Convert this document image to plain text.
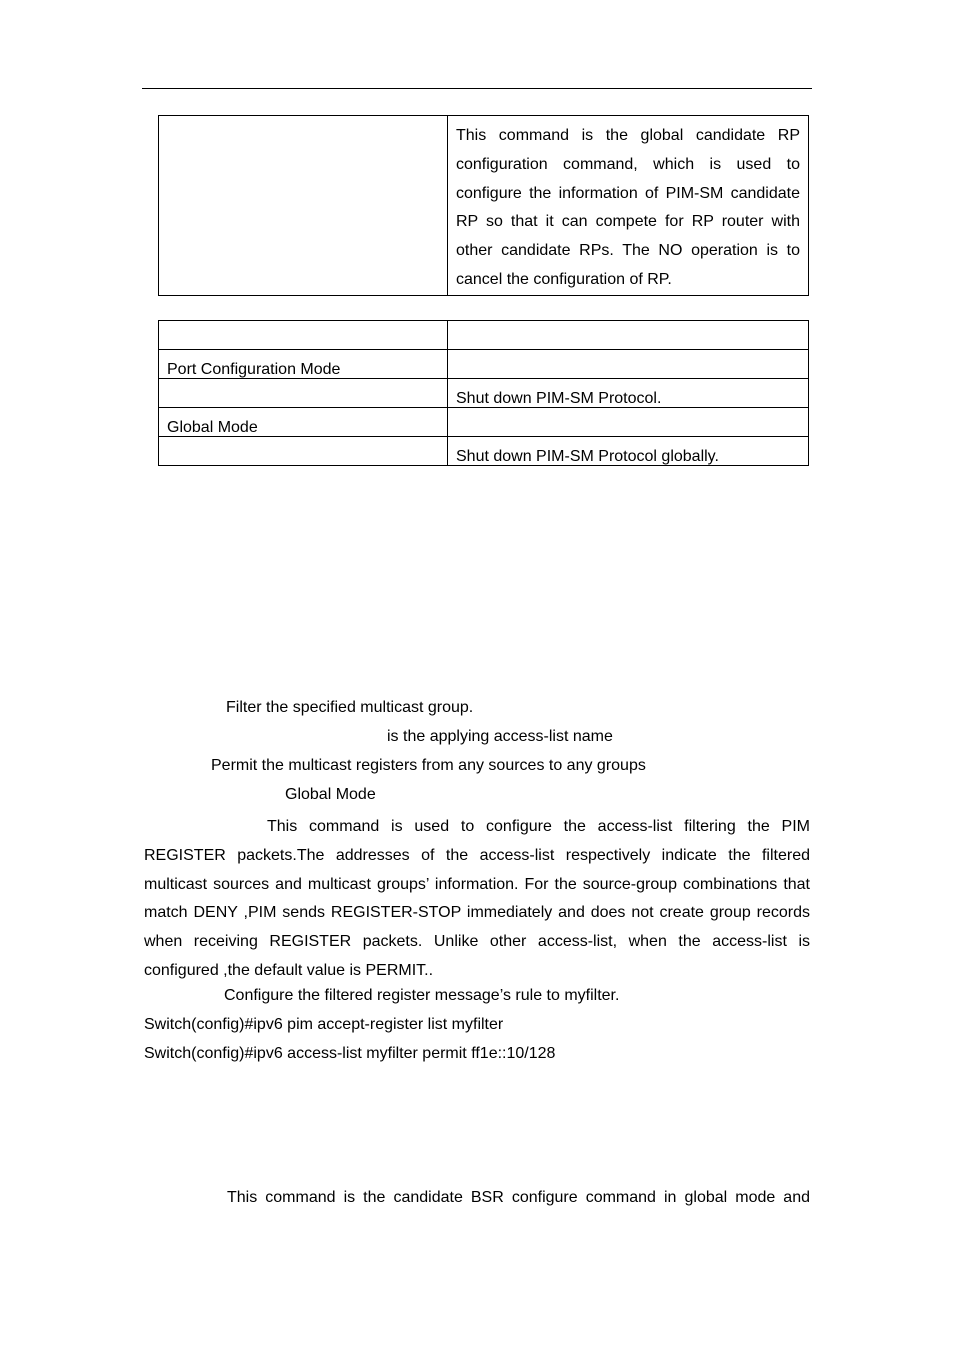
	This command is the global candidate RP configuration command, which is used to configure the information of PIM-SM candidate RP so that it can compete for RP router with other candidate RPs. The NO operation is to cancel the configuration of RP.

Port Configuration Mode	

	Shut down PIM-SM Protocol.

Global Mode	

	Shut down PIM-SM Protocol globally.
Filter the specified multicast group.
is the applying access-list name
Permit the multicast registers from any sources to any groups
Global Mode
This command is used to configure the access-list filtering the PIM REGISTER packets.The addresses of the access-list respectively indicate the filtered multicast sources and multicast groups’ information. For the source-group combinations that match DENY ,PIM sends REGISTER-STOP immediately and does not create group records when receiving REGISTER packets. Unlike other access-list, when the access-list is configured ,the default value is PERMIT..
Configure the filtered register message’s rule to myfilter.
Switch(config)#ipv6 pim accept-register list myfilter
Switch(config)#ipv6 access-list myfilter permit ff1e::10/128
This command is the candidate BSR configure command in global mode and
